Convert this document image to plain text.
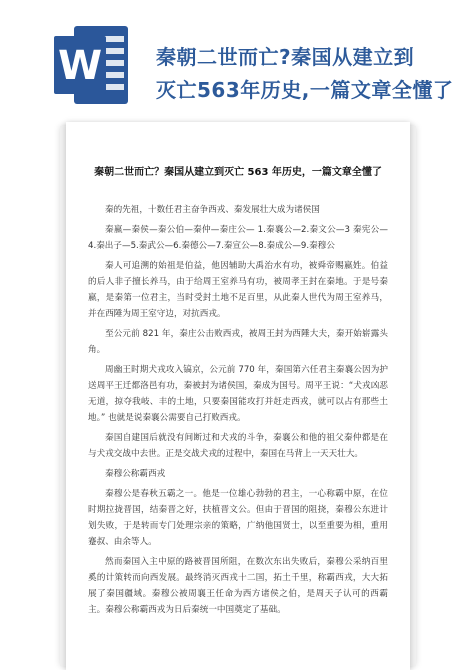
W	秦朝二世而亡?秦国从建立到
灭亡563年历史,一篇文章全懂了
秦朝二世而亡？秦国从建立到灭亡 563 年历史，一篇文章全懂了

秦的先祖，十数任君主奋争西戎、秦发展壮大成为诸侯国

秦嬴—秦侯—秦公伯—秦仲—秦庄公— 1.秦襄公—2.秦文公—3 秦宪公—4.秦出子—5.秦武公—6.秦德公—7.秦宣公—8.秦成公—9.秦穆公

秦人可追溯的始祖是伯益，他因辅助大禹治水有功，被舜帝赐嬴姓。伯益的后人非子擅长养马，由于给周王室养马有功，被周孝王封在秦地。于是号秦嬴，是秦第一位君主，当时受封土地不足百里，从此秦人世代为周王室养马，并在西陲为周王室守边，对抗西戎。

至公元前 821 年，秦庄公击败西戎，被周王封为西陲大夫，秦开始崭露头角。

周幽王时期犬戎攻入镐京，公元前 770 年，秦国第六任君主秦襄公因为护送周平王迁都洛邑有功，秦被封为诸侯国，秦成为国号。周平王说：“犬戎凶恶无道，掠夺我岐、丰的土地，只要秦国能攻打并赶走西戎，就可以占有那些土地。” 也就是说秦襄公需要自己打败西戎。

秦国自建国后就没有间断过和犬戎的斗争，秦襄公和他的祖父秦仲都是在与犬戎交战中去世。正是交战犬戎的过程中，秦国在马背上一天天壮大。

秦穆公称霸西戎

秦穆公是春秋五霸之一。他是一位雄心勃勃的君主，一心称霸中原，在位时期拉拢晋国，结秦晋之好，扶植晋文公。但由于晋国的阻挠，秦穆公东进计划失败，于是转而专门处理宗亲的策略，广纳他国贤士，以至重要为相，重用蹇叔、由余等人。

然而秦国入主中原的路被晋国所阻，在数次东出失败后，秦穆公采纳百里奚的计策转而向西发展。最终消灭西戎十二国，拓土千里，称霸西戎，大大拓展了秦国疆域。秦穆公被周襄王任命为西方诸侯之伯，是周天子认可的西霸主。秦穆公称霸西戎为日后秦统一中国奠定了基础。
